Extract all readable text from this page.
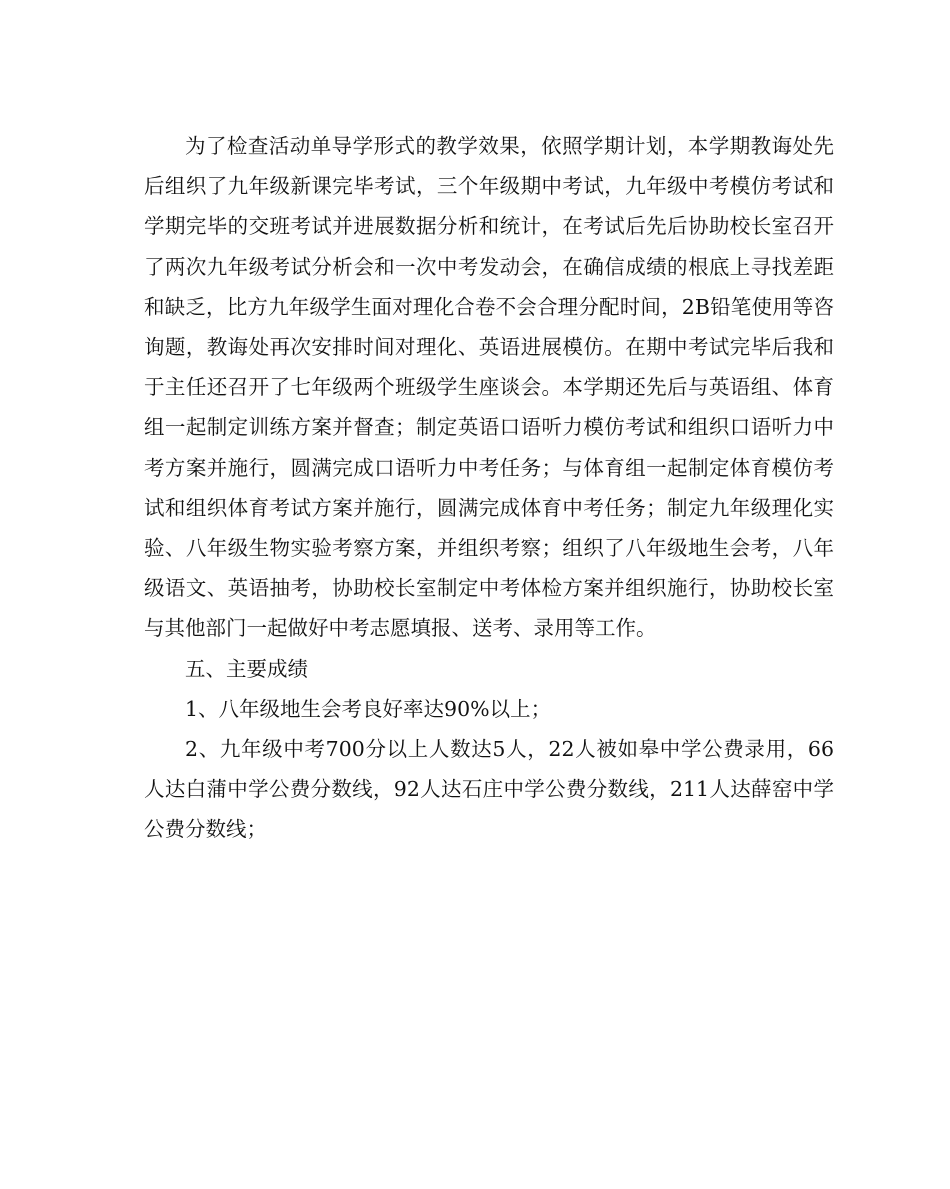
为了检查活动单导学形式的教学效果，依照学期计划，本学期教诲处先后组织了九年级新课完毕考试，三个年级期中考试，九年级中考模仿考试和学期完毕的交班考试并进展数据分析和统计，在考试后先后协助校长室召开了两次九年级考试分析会和一次中考发动会，在确信成绩的根底上寻找差距和缺乏，比方九年级学生面对理化合卷不会合理分配时间，2B铅笔使用等咨询题，教诲处再次安排时间对理化、英语进展模仿。在期中考试完毕后我和于主任还召开了七年级两个班级学生座谈会。本学期还先后与英语组、体育组一起制定训练方案并督查；制定英语口语听力模仿考试和组织口语听力中考方案并施行，圆满完成口语听力中考任务；与体育组一起制定体育模仿考试和组织体育考试方案并施行，圆满完成体育中考任务；制定九年级理化实验、八年级生物实验考察方案，并组织考察；组织了八年级地生会考，八年级语文、英语抽考，协助校长室制定中考体检方案并组织施行，协助校长室与其他部门一起做好中考志愿填报、送考、录用等工作。

五、主要成绩

1、八年级地生会考良好率达90%以上；

2、九年级中考700分以上人数达5人，22人被如皋中学公费录用，66人达白蒲中学公费分数线，92人达石庄中学公费分数线，211人达薛窑中学公费分数线；
